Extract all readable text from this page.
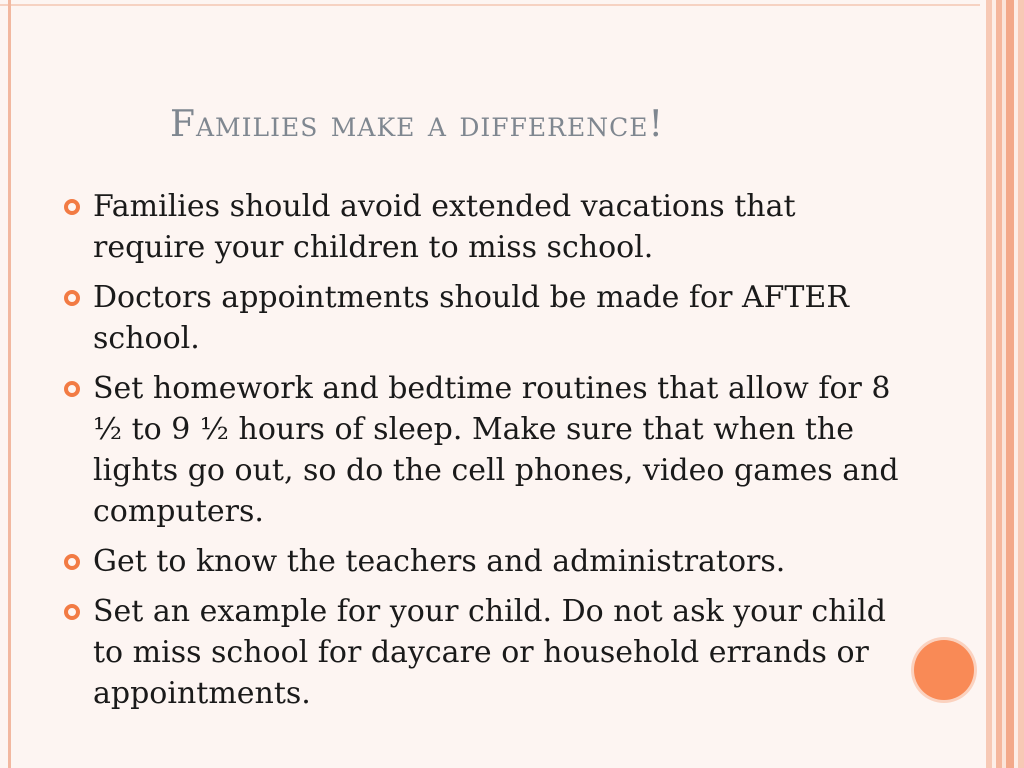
Families make a difference!
Families should avoid extended vacations that require your children to miss school.
Doctors appointments should be made for AFTER school.
Set homework and bedtime routines that allow for 8 ½ to 9 ½ hours of sleep. Make sure that when the lights go out, so do the cell phones, video games and computers.
Get to know the teachers and administrators.
Set an example for your child. Do not ask your child to miss school for daycare or household errands or appointments.
